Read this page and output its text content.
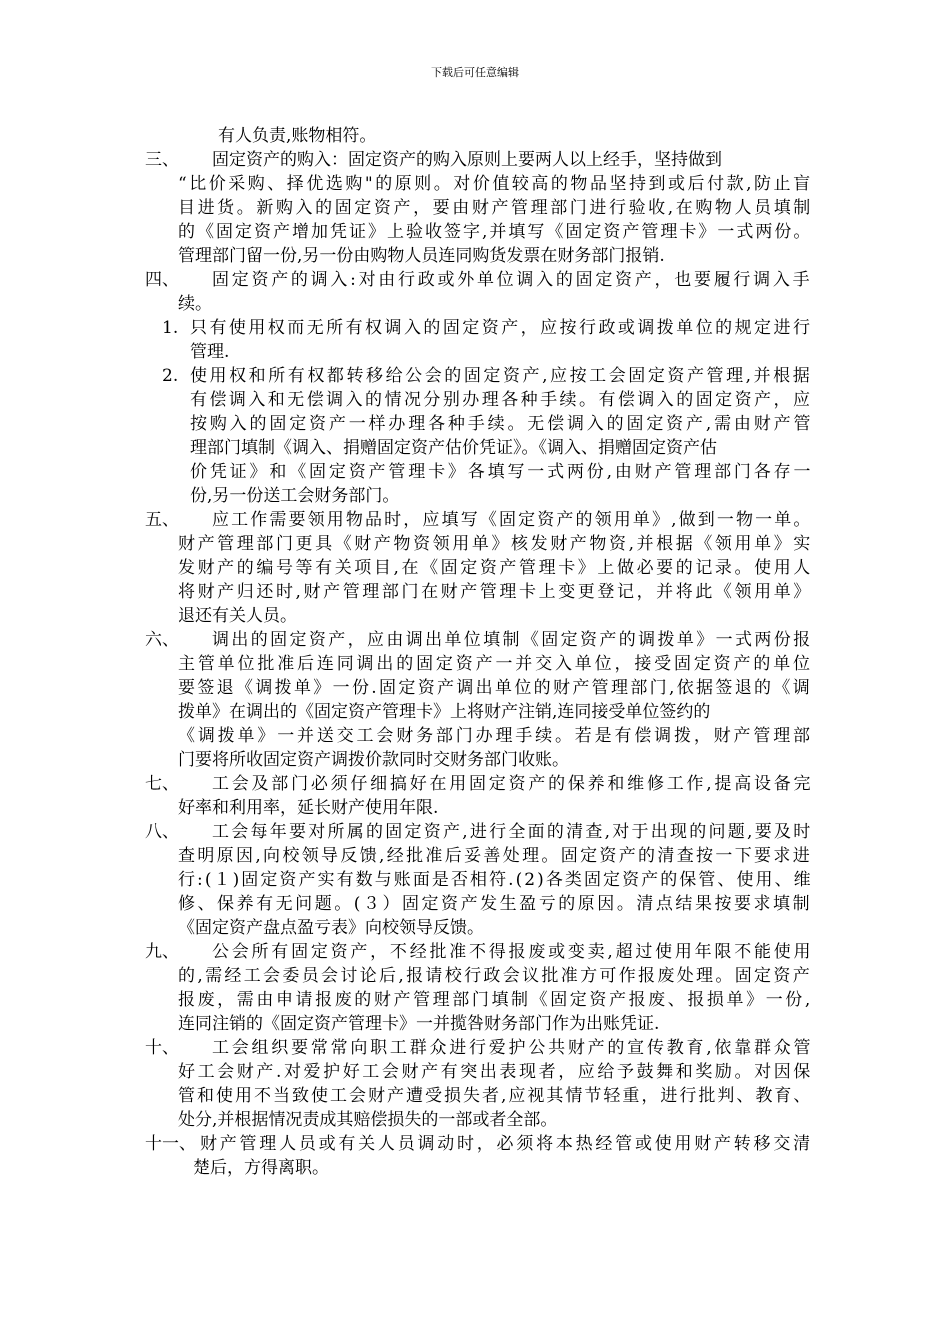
下载后可任意编辑
有人负责,账物相符。
三、 固定资产的购入：固定资产的购入原则上要两人以上经手，坚持做到
“比价采购、择优选购"的原则。对价值较高的物品坚持到或后付款,防止盲
目进货。新购入的固定资产，要由财产管理部门进行验收,在购物人员填制
的《固定资产增加凭证》上验收签字,并填写《固定资产管理卡》一式两份。
管理部门留一份,另一份由购物人员连同购货发票在财务部门报销.
四、 固定资产的调入:对由行政或外单位调入的固定资产，也要履行调入手
续。
1. 只有使用权而无所有权调入的固定资产，应按行政或调拨单位的规定进行
管理.
2. 使用权和所有权都转移给公会的固定资产,应按工会固定资产管理,并根据
有偿调入和无偿调入的情况分别办理各种手续。有偿调入的固定资产，应
按购入的固定资产一样办理各种手续。无偿调入的固定资产,需由财产管
理部门填制《调入、捐赠固定资产估价凭证》。《调入、捐赠固定资产估
价凭证》和《固定资产管理卡》各填写一式两份,由财产管理部门各存一
份,另一份送工会财务部门。
五、 应工作需要领用物品时，应填写《固定资产的领用单》,做到一物一单。
财产管理部门更具《财产物资领用单》核发财产物资,并根据《领用单》实
发财产的编号等有关项目,在《固定资产管理卡》上做必要的记录。使用人
将财产归还时,财产管理部门在财产管理卡上变更登记，并将此《领用单》
退还有关人员。
六、 调出的固定资产，应由调出单位填制《固定资产的调拨单》一式两份报
主管单位批准后连同调出的固定资产一并交入单位，接受固定资产的单位
要签退《调拨单》一份.固定资产调出单位的财产管理部门,依据签退的《调
拨单》在调出的《固定资产管理卡》上将财产注销,连同接受单位签约的
《调拨单》一并送交工会财务部门办理手续。若是有偿调拨，财产管理部
门要将所收固定资产调拨价款同时交财务部门收账。
七、 工会及部门必须仔细搞好在用固定资产的保养和维修工作,提高设备完
好率和利用率，延长财产使用年限.
八、 工会每年要对所属的固定资产,进行全面的清查,对于出现的问题,要及时
查明原因,向校领导反馈,经批准后妥善处理。固定资产的清查按一下要求进
行:(１)固定资产实有数与账面是否相符.(2)各类固定资产的保管、使用、维
修、保养有无问题。(３）固定资产发生盈亏的原因。清点结果按要求填制
《固定资产盘点盈亏表》向校领导反馈。
九、 公会所有固定资产，不经批准不得报废或变卖,超过使用年限不能使用
的,需经工会委员会讨论后,报请校行政会议批准方可作报废处理。固定资产
报废，需由申请报废的财产管理部门填制《固定资产报废、报损单》一份,
连同注销的《固定资产管理卡》一并揽咎财务部门作为出账凭证.
十、 工会组织要常常向职工群众进行爱护公共财产的宣传教育,依靠群众管
好工会财产.对爱护好工会财产有突出表现者，应给予鼓舞和奖励。对因保
管和使用不当致使工会财产遭受损失者,应视其情节轻重，进行批判、教育、
处分,并根据情况责成其赔偿损失的一部或者全部。
十一、 财产管理人员或有关人员调动时，必须将本热经管或使用财产转移交清
楚后，方得离职。
